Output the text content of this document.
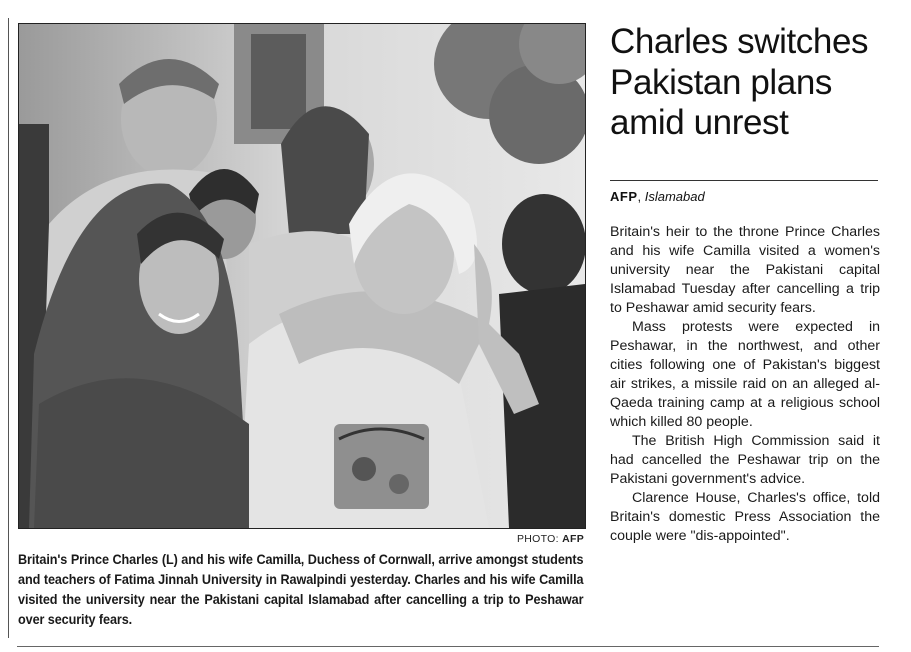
PHOTO: AFP
Britain's Prince Charles (L) and his wife Camilla, Duchess of Cornwall, arrive amongst students and teachers of Fatima Jinnah University in Rawalpindi yesterday. Charles and his wife Camilla visited the university near the Pakistani capital Islamabad after cancelling a trip to Peshawar over security fears.
Charles switches Pakistan plans amid unrest
AFP, Islamabad

Britain's heir to the throne Prince Charles and his wife Camilla visited a women's university near the Pakistani capital Islamabad Tuesday after cancelling a trip to Peshawar amid security fears.

Mass protests were expected in Peshawar, in the northwest, and other cities following one of Pakistan's biggest air strikes, a missile raid on an alleged al-Qaeda training camp at a religious school which killed 80 people.

The British High Commission said it had cancelled the Peshawar trip on the Pakistani government's advice.

Clarence House, Charles's office, told Britain's domestic Press Association the couple were "dis-appointed".
